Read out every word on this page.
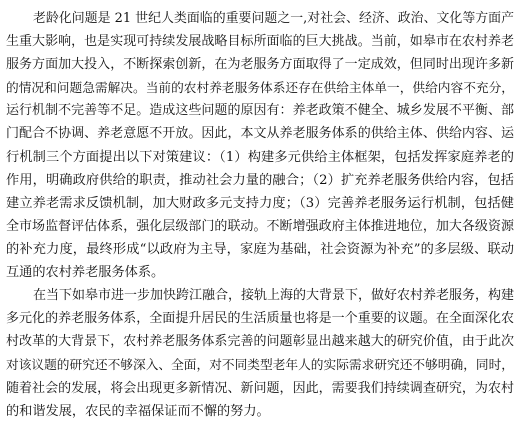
老龄化问题是 21 世纪人类面临的重要问题之一,对社会、经济、政治、文化等方面产
生重大影响，也是实现可持续发展战略目标所面临的巨大挑战。当前，如皋市在农村养老
服务方面加大投入，不断探索创新，在为老服务方面取得了一定成效，但同时出现许多新
的情况和问题急需解决。当前的农村养老服务体系还存在供给主体单一，供给内容不充分，
运行机制不完善等不足。造成这些问题的原因有：养老政策不健全、城乡发展不平衡、部
门配合不协调、养老意愿不开放。因此，本文从养老服务体系的供给主体、供给内容、运
行机制三个方面提出以下对策建议：（1）构建多元供给主体框架，包括发挥家庭养老的
作用，明确政府供给的职责，推动社会力量的融合；（2）扩充养老服务供给内容，包括
建立养老需求反馈机制，加大财政多元支持力度；（3）完善养老服务运行机制，包括健
全市场监督评估体系，强化层级部门的联动。不断增强政府主体推进地位，加大各级资源
的补充力度，最终形成“以政府为主导，家庭为基础，社会资源为补充”的多层级、联动
互通的农村养老服务体系。
在当下如皋市进一步加快跨江融合，接轨上海的大背景下，做好农村养老服务，构建
多元化的养老服务体系，全面提升居民的生活质量也将是一个重要的议题。在全面深化农
村改革的大背景下，农村养老服务体系完善的问题彰显出越来越大的研究价值，由于此次
对该议题的研究还不够深入、全面，对不同类型老年人的实际需求研究还不够明确，同时，
随着社会的发展，将会出现更多新情况、新问题，因此，需要我们持续调查研究，为农村
的和谐发展，农民的幸福保证而不懈的努力。
